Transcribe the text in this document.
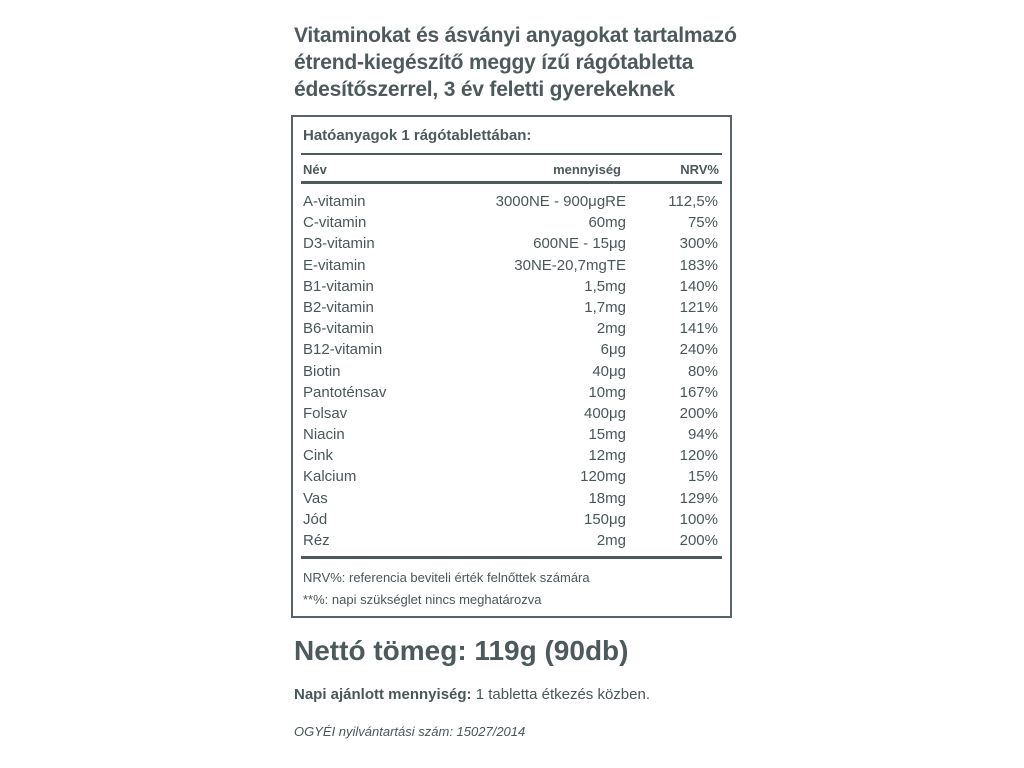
Vitaminokat és ásványi anyagokat tartalmazó
étrend-kiegészítő meggy ízű rágótabletta
édesítőszerrel, 3 év feletti gyerekeknek
Hatóanyagok 1 rágótablettában:
Név	mennyiség	NRV%
A-vitamin	3000NE - 900μgRE	112,5%
C-vitamin	60mg	75%
D3-vitamin	600NE - 15μg	300%
E-vitamin	30NE-20,7mgTE	183%
B1-vitamin	1,5mg	140%
B2-vitamin	1,7mg	121%
B6-vitamin	2mg	141%
B12-vitamin	6μg	240%
Biotin	40μg	80%
Pantoténsav	10mg	167%
Folsav	400μg	200%
Niacin	15mg	94%
Cink	12mg	120%
Kalcium	120mg	15%
Vas	18mg	129%
Jód	150μg	100%
Réz	2mg	200%
NRV%: referencia beviteli érték felnőttek számára
**%: napi szükséglet nincs meghatározva
Nettó tömeg: 119g (90db)
Napi ajánlott mennyiség: 1 tabletta étkezés közben.
OGYÉI nyilvántartási szám: 15027/2014
